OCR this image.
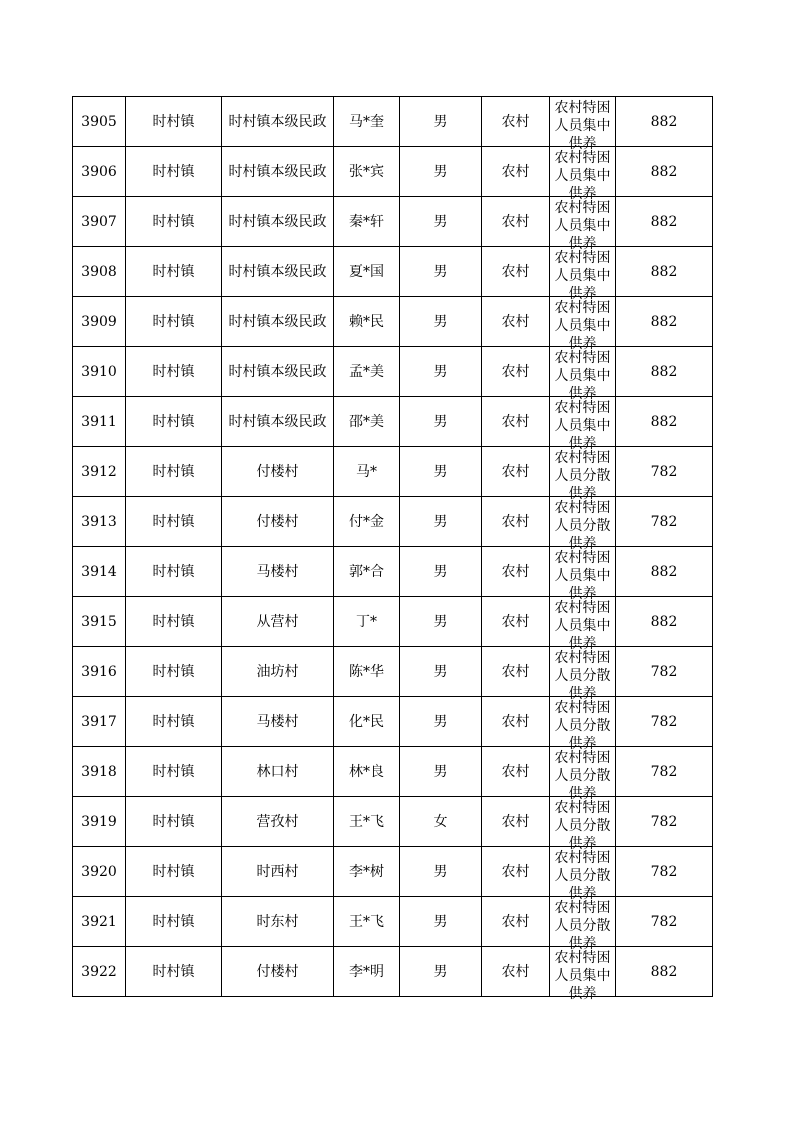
3905	时村镇	时村镇本级民政	马*奎	男	农村	农村特困人员集中供养	882
3906	时村镇	时村镇本级民政	张*宾	男	农村	农村特困人员集中供养	882
3907	时村镇	时村镇本级民政	秦*轩	男	农村	农村特困人员集中供养	882
3908	时村镇	时村镇本级民政	夏*国	男	农村	农村特困人员集中供养	882
3909	时村镇	时村镇本级民政	赖*民	男	农村	农村特困人员集中供养	882
3910	时村镇	时村镇本级民政	孟*美	男	农村	农村特困人员集中供养	882
3911	时村镇	时村镇本级民政	邵*美	男	农村	农村特困人员集中供养	882
3912	时村镇	付楼村	马*	男	农村	农村特困人员分散供养	782
3913	时村镇	付楼村	付*金	男	农村	农村特困人员分散供养	782
3914	时村镇	马楼村	郭*合	男	农村	农村特困人员集中供养	882
3915	时村镇	从营村	丁*	男	农村	农村特困人员集中供养	882
3916	时村镇	油坊村	陈*华	男	农村	农村特困人员分散供养	782
3917	时村镇	马楼村	化*民	男	农村	农村特困人员分散供养	782
3918	时村镇	林口村	林*良	男	农村	农村特困人员分散供养	782
3919	时村镇	营孜村	王*飞	女	农村	农村特困人员分散供养	782
3920	时村镇	时西村	李*树	男	农村	农村特困人员分散供养	782
3921	时村镇	时东村	王*飞	男	农村	农村特困人员分散供养	782
3922	时村镇	付楼村	李*明	男	农村	农村特困人员集中供养	882
